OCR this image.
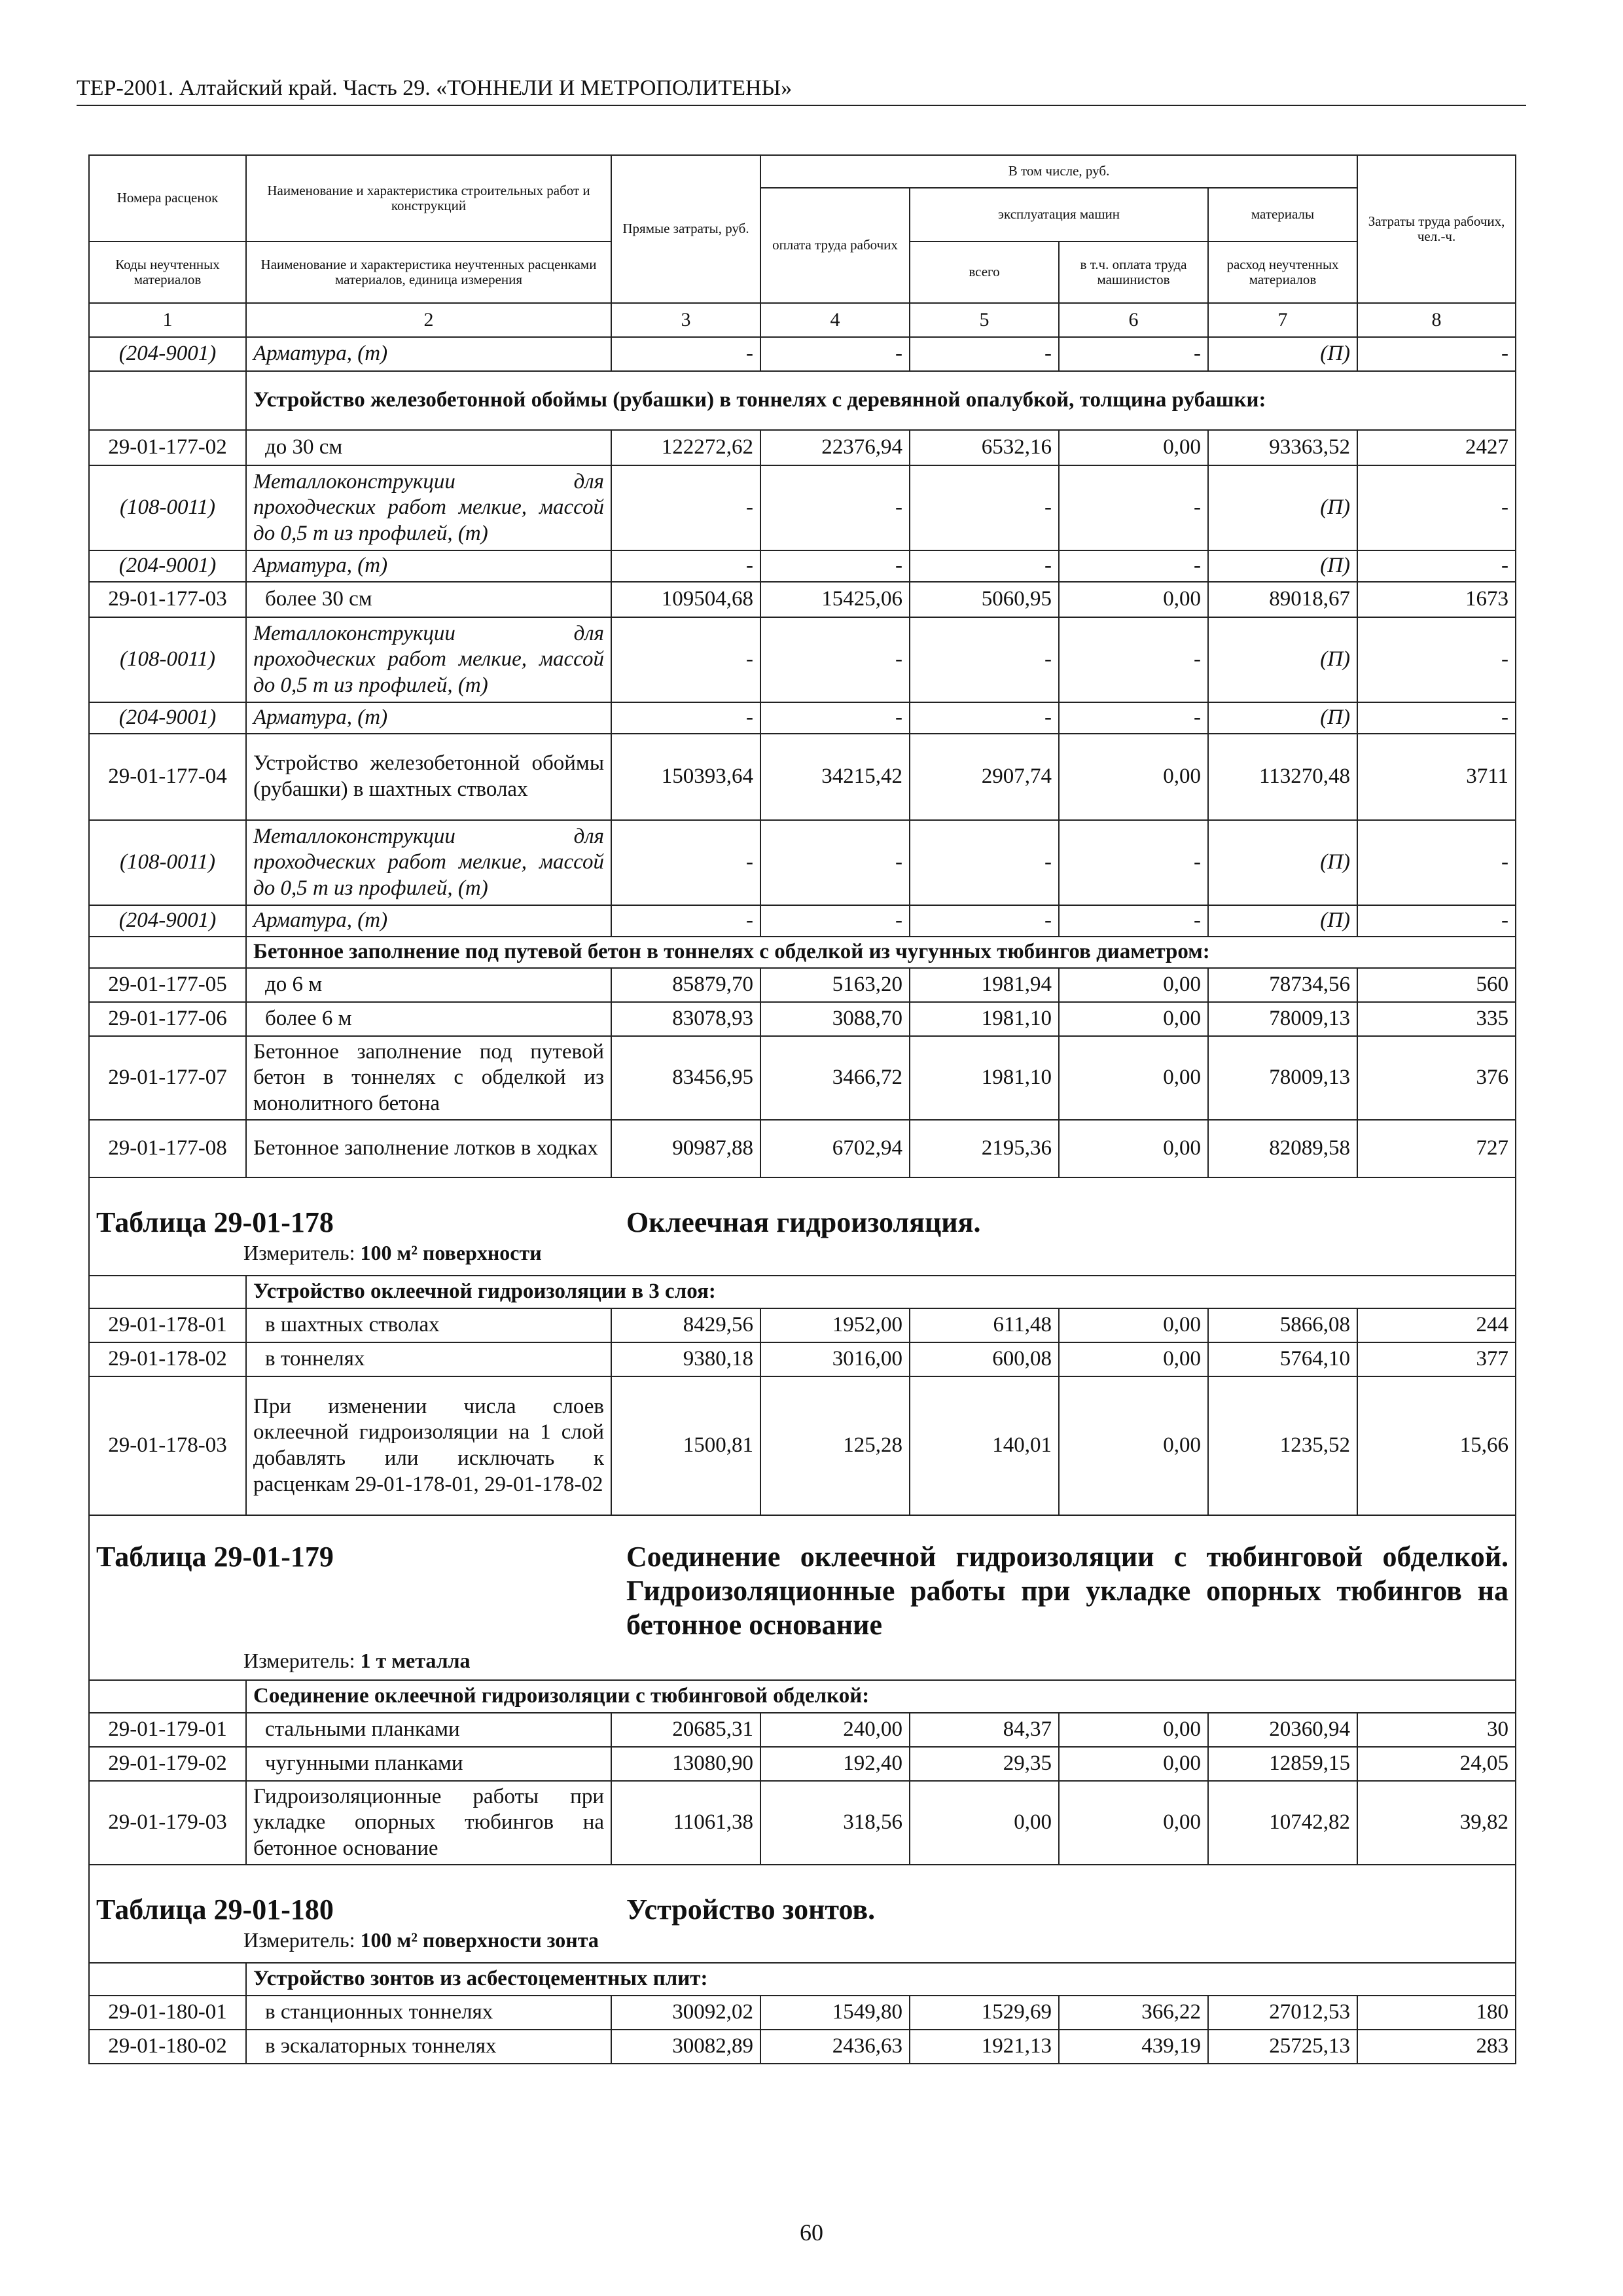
ТЕР-2001. Алтайский край. Часть 29. «ТОННЕЛИ И МЕТРОПОЛИТЕНЫ»
Номера расценок	Наименование и характеристика строительных работ и конструкций	Прямые затраты, руб.	В том числе, руб.				Затраты труда рабочих, чел.-ч.
			оплата труда рабочих	эксплуатация машин		материалы	
Коды неучтенных материалов	Наименование и характеристика неучтенных расценками материалов, единица измерения			всего	в т.ч. оплата труда машинистов	расход неучтенных материалов	

1	2	3	4	5	6	7	8
(204-9001)	Арматура, (т)	-	-	-	-	(П)	-
	Устройство железобетонной обоймы (рубашки) в тоннелях с деревянной опалубкой, толщина рубашки:						
29-01-177-02	до 30 см	122272,62	22376,94	6532,16	0,00	93363,52	2427
(108-0011)	Металлоконструкции для проходческих работ мелкие, массой до 0,5 т из профилей, (т)	-	-	-	-	(П)	-
(204-9001)	Арматура, (т)	-	-	-	-	(П)	-
29-01-177-03	более 30 см	109504,68	15425,06	5060,95	0,00	89018,67	1673
(108-0011)	Металлоконструкции для проходческих работ мелкие, массой до 0,5 т из профилей, (т)	-	-	-	-	(П)	-
(204-9001)	Арматура, (т)	-	-	-	-	(П)	-
29-01-177-04	Устройство железобетонной обоймы (рубашки) в шахтных стволах	150393,64	34215,42	2907,74	0,00	113270,48	3711
(108-0011)	Металлоконструкции для проходческих работ мелкие, массой до 0,5 т из профилей, (т)	-	-	-	-	(П)	-
(204-9001)	Арматура, (т)	-	-	-	-	(П)	-
	Бетонное заполнение под путевой бетон в тоннелях с обделкой из чугунных тюбингов диаметром:						
29-01-177-05	до 6 м	85879,70	5163,20	1981,94	0,00	78734,56	560
29-01-177-06	более 6 м	83078,93	3088,70	1981,10	0,00	78009,13	335
29-01-177-07	Бетонное заполнение под путевой бетон в тоннелях с обделкой из монолитного бетона	83456,95	3466,72	1981,10	0,00	78009,13	376
29-01-177-08	Бетонное заполнение лотков в ходках	90987,88	6702,94	2195,36	0,00	82089,58	727

Таблица 29-01-178
Измеритель: 100 м² поверхности
Оклеечная гидроизоляция.							

	Устройство оклеечной гидроизоляции в 3 слоя:						
29-01-178-01	в шахтных стволах	8429,56	1952,00	611,48	0,00	5866,08	244
29-01-178-02	в тоннелях	9380,18	3016,00	600,08	0,00	5764,10	377
29-01-178-03	При изменении числа слоев оклеечной гидроизоляции на 1 слой добавлять или исключать к расценкам 29-01-178-01, 29-01-178-02	1500,81	125,28	140,01	0,00	1235,52	15,66

Таблица 29-01-179
Измеритель: 1 т металла
Соединение оклеечной гидроизоляции с тюбинговой обделкой. Гидроизоляционные работы при укладке опорных тюбингов на бетонное основание							

	Соединение оклеечной гидроизоляции с тюбинговой обделкой:						
29-01-179-01	стальными планками	20685,31	240,00	84,37	0,00	20360,94	30
29-01-179-02	чугунными планками	13080,90	192,40	29,35	0,00	12859,15	24,05
29-01-179-03	Гидроизоляционные работы при укладке опорных тюбингов на бетонное основание	11061,38	318,56	0,00	0,00	10742,82	39,82

Таблица 29-01-180
Измеритель: 100 м² поверхности зонта
Устройство зонтов.							

	Устройство зонтов из асбестоцементных плит:						
29-01-180-01	в станционных тоннелях	30092,02	1549,80	1529,69	366,22	27012,53	180
29-01-180-02	в эскалаторных тоннелях	30082,89	2436,63	1921,13	439,19	25725,13	283
60
